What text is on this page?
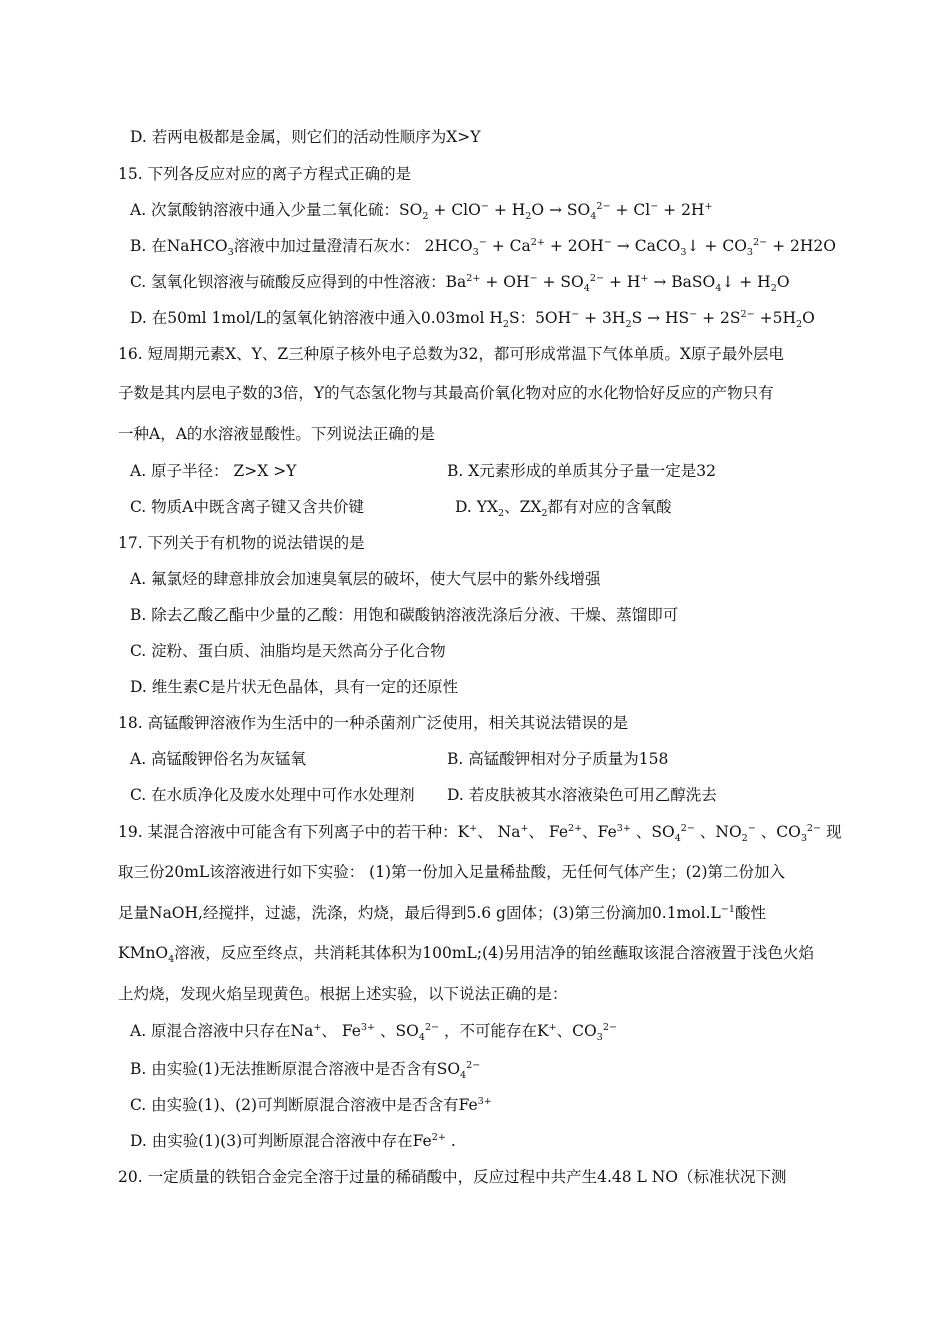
D. 若两电极都是金属，则它们的活动性顺序为X>Y
15. 下列各反应对应的离子方程式正确的是
A. 次氯酸钠溶液中通入少量二氧化硫：$SO_2 + ClO^- + H_2O \to SO_4^{2-} + Cl^- + 2H^+$
B. 在NaHCO$_3$溶液中加过量澄清石灰水： $2HCO_3^- + Ca^{2+} + 2OH^-$ → CaCO$_3$↓ + $CO_3^{2-} + 2H2O$
C. 氢氧化钡溶液与硫酸反应得到的中性溶液：$Ba^{2+} + OH^- + SO_4^{2-} + H^+$ → BaSO$_4$↓ + $H_2O$
D. 在50ml 1mol/L的氢氧化钠溶液中通入0.03mol $H_2S$：$5OH^- + 3H_2S \to HS^- + 2S^{2-} +5H_2O$
16. 短周期元素X、Y、Z三种原子核外电子总数为32，都可形成常温下气体单质。X原子最外层电
子数是其内层电子数的3倍，Y的气态氢化物与其最高价氧化物对应的水化物恰好反应的产物只有
一种A，A的水溶液显酸性。下列说法正确的是
A. 原子半径： Z>X >Y	B. X元素形成的单质其分子量一定是32
C. 物质A中既含离子键又含共价键	D. $YX_2$、$ZX_2$都有对应的含氧酸
17. 下列关于有机物的说法错误的是
A. 氟氯烃的肆意排放会加速臭氧层的破坏，使大气层中的紫外线增强
B. 除去乙酸乙酯中少量的乙酸：用饱和碳酸钠溶液洗涤后分液、干燥、蒸馏即可
C. 淀粉、蛋白质、油脂均是天然高分子化合物
D. 维生素C是片状无色晶体，具有一定的还原性
18. 高锰酸钾溶液作为生活中的一种杀菌剂广泛使用，相关其说法错误的是
A. 高锰酸钾俗名为灰锰氧	B. 高锰酸钾相对分子质量为158
C. 在水质净化及废水处理中可作水处理剂 D. 若皮肤被其水溶液染色可用乙醇洗去
19. 某混合溶液中可能含有下列离子中的若干种：K+、 Na+、 $Fe^{2+}$、$Fe^{3+}$ 、$SO_4^{2-}$ 、$NO_2^-$ 、$CO_3^{2-}$ 现
取三份20mL该溶液进行如下实验： (1)第一份加入足量稀盐酸，无任何气体产生；(2)第二份加入
足量NaOH,经搅拌，过滤，洗涤，灼烧，最后得到5.6 g固体；(3)第三份滴加$0.1mol.L^{-1}$酸性
KMnO$_4$溶液，反应至终点，共消耗其体积为100mL;(4)另用洁净的铂丝蘸取该混合溶液置于浅色火焰
上灼烧，发现火焰呈现黄色。根据上述实验，以下说法正确的是：
A. 原混合溶液中只存在Na+、 $Fe^{3+}$ 、$SO_4^{2-}$ ，不可能存在K+、$CO_3^{2-}$
B. 由实验(1)无法推断原混合溶液中是否含有$SO_4^{2-}$
C. 由实验(1)、(2)可判断原混合溶液中是否含有$Fe^{3+}$
D. 由实验(1)(3)可判断原混合溶液中存在$Fe^{2+}$ .
20. 一定质量的铁铝合金完全溶于过量的稀硝酸中，反应过程中共产生4.48 L NO（标准状况下测
